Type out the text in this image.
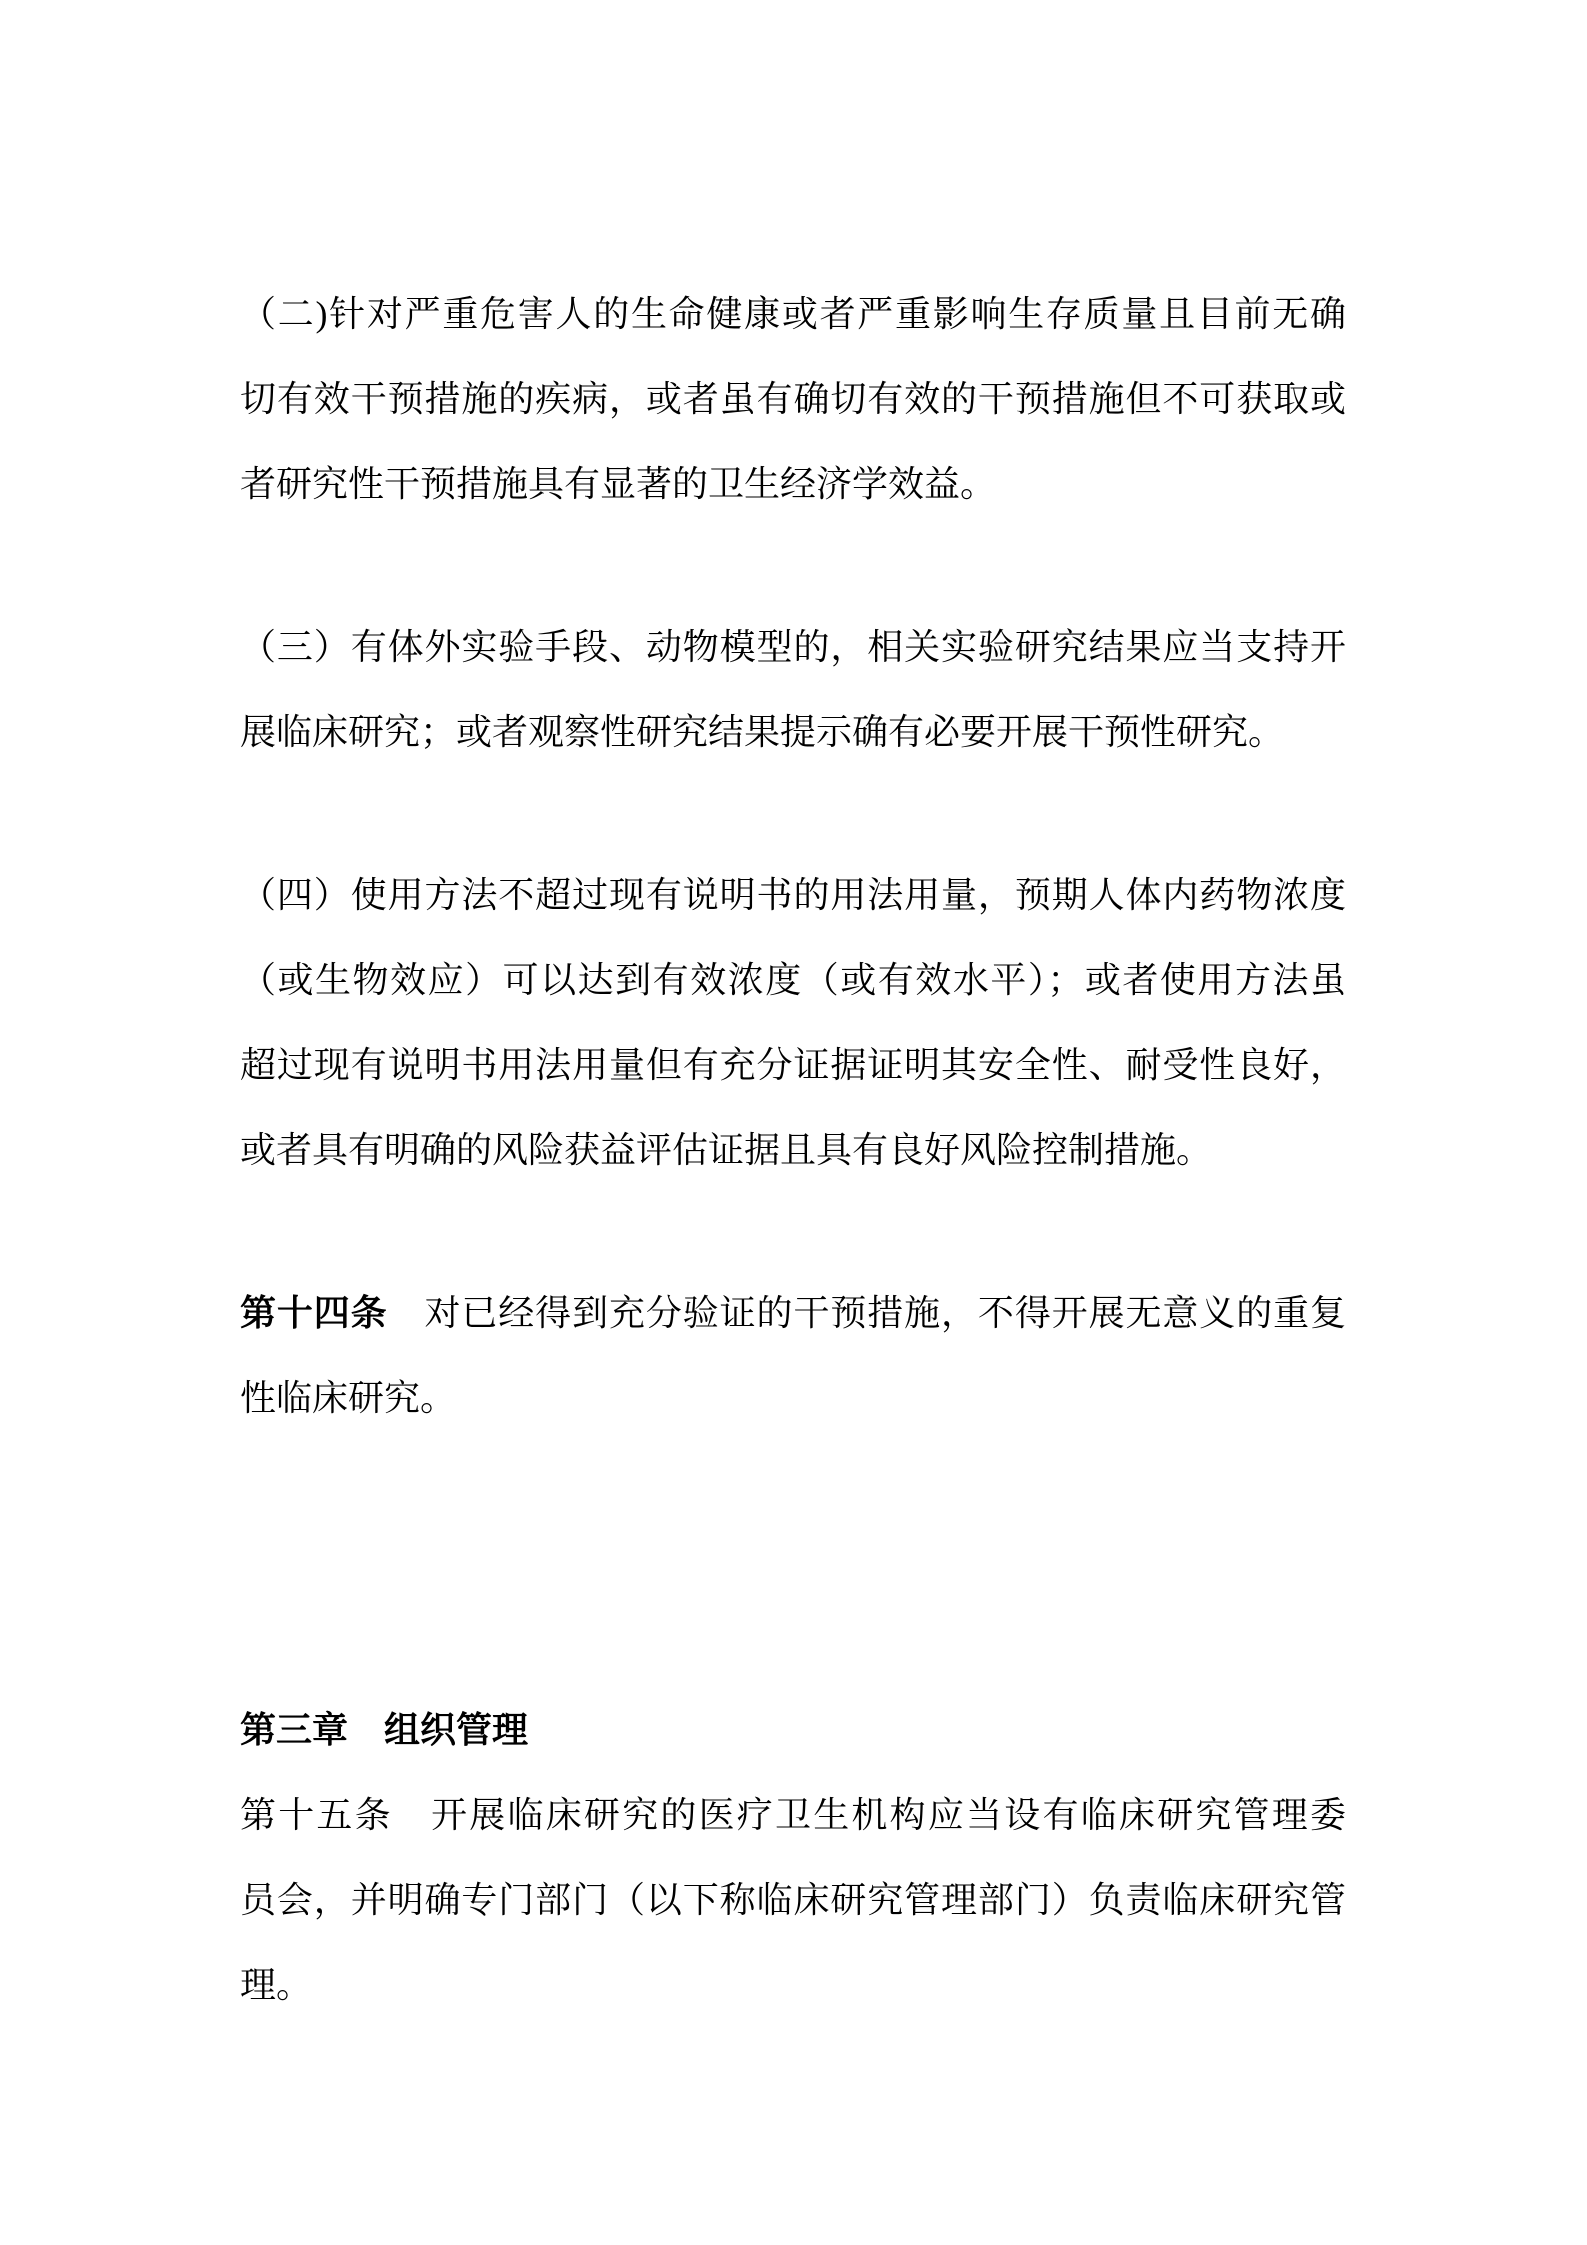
（二)针对严重危害人的生命健康或者严重影响生存质量且目前无确
切有效干预措施的疾病，或者虽有确切有效的干预措施但不可获取或
者研究性干预措施具有显著的卫生经济学效益。
（三）有体外实验手段、动物模型的，相关实验研究结果应当支持开
展临床研究；或者观察性研究结果提示确有必要开展干预性研究。
（四）使用方法不超过现有说明书的用法用量，预期人体内药物浓度
（或生物效应）可以达到有效浓度（或有效水平）；或者使用方法虽
超过现有说明书用法用量但有充分证据证明其安全性、耐受性良好，
或者具有明确的风险获益评估证据且具有良好风险控制措施。
第十四条　对已经得到充分验证的干预措施，不得开展无意义的重复
性临床研究。
第三章　组织管理
第十五条　开展临床研究的医疗卫生机构应当设有临床研究管理委
员会，并明确专门部门（以下称临床研究管理部门）负责临床研究管
理。
